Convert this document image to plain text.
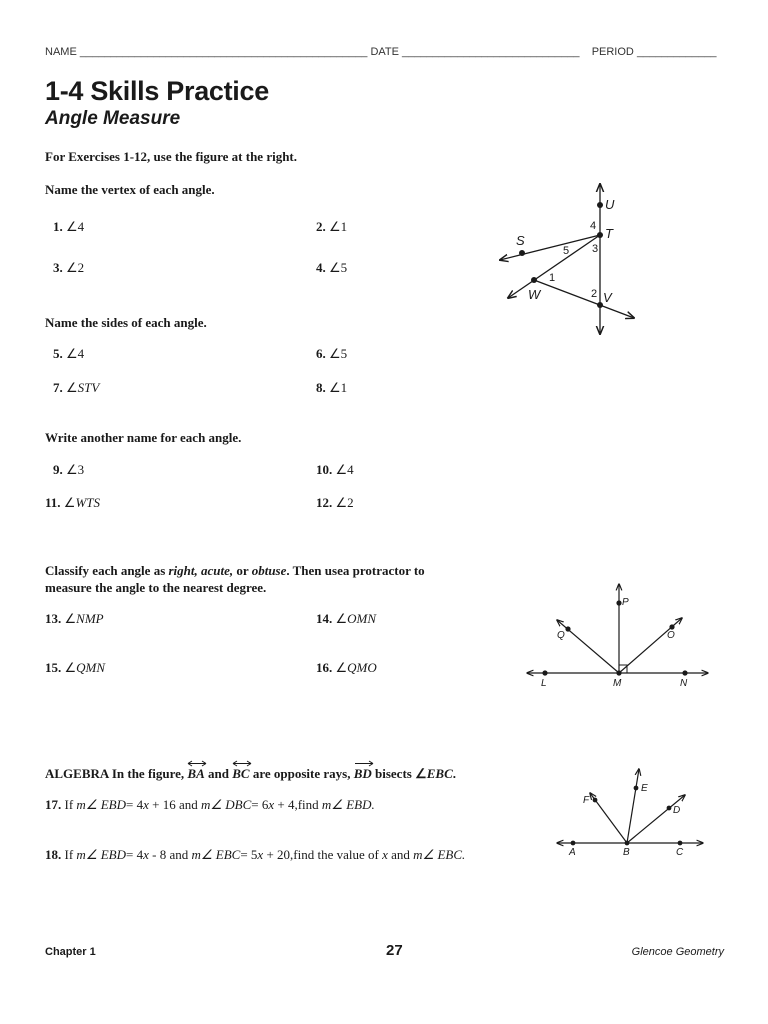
NAME _______________________________________________ DATE _____________________________ PERIOD _____________
1-4 Skills Practice
Angle Measure
For Exercises 1-12, use the figure at the right.
Name the vertex of each angle.
1. ∠4	2. ∠1
3. ∠2	4. ∠5
Name the sides of each angle.
5. ∠4	6. ∠5
7. ∠STV	8. ∠1
Write another name for each angle.
9. ∠3	10. ∠4
11. ∠WTS	12. ∠2
Classify each angle as right, acute, or obtuse. Then usea protractor to
measure the angle to the nearest degree.
13. ∠NMP	14. ∠OMN
15. ∠QMN	16. ∠QMO
ALGEBRA In the figure,
BA and
BC are opposite rays,
BD bisects ∠EBC.
17. If m∠ EBD= 4x + 16 and m∠ DBC= 6x + 4,find m∠ EBD.
18. If m∠ EBD= 4x - 8 and m∠ EBC= 5x + 20,find the value of x and m∠ EBC.
U
T
S
W	V
1
2
3
4
5
P
Q	O
L	M	N
F
E
D
A	B	C
Chapter 1	27	Glencoe Geometry
